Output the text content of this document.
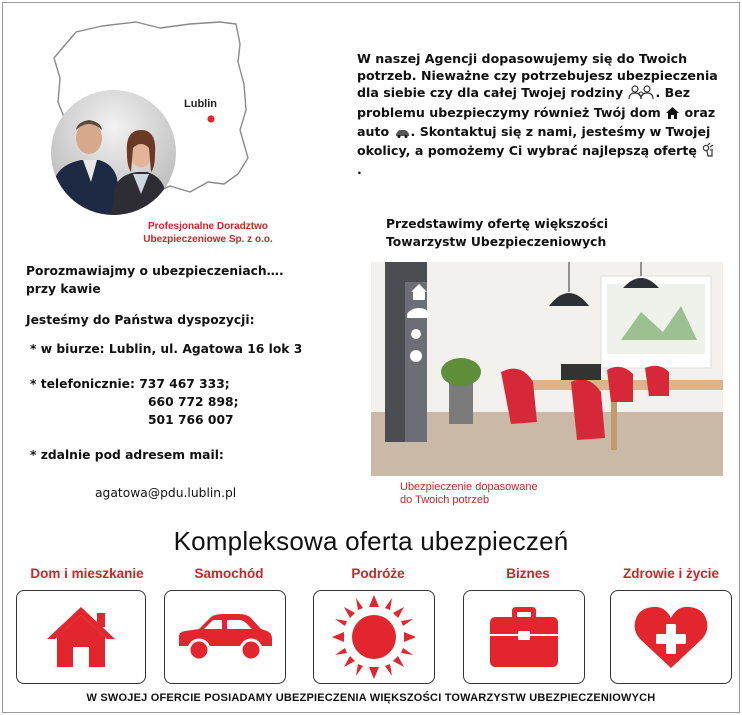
Lublin
Profesjonalne Doradztwo
Ubezpieczeniowe Sp. z o.o.
W naszej Agencji dopasowujemy się do Twoich potrzeb. Nieważne czy potrzebujesz ubezpieczenia dla siebie czy dla całej Twojej rodziny	. Bez problemu ubezpieczymy również Twój dom oraz auto . Skontaktuj się z nami, jesteśmy w Twojej okolicy, a pomożemy Ci wybrać najlepszą ofertę .
Przedstawimy ofertę większości
Towarzystw Ubezpieczeniowych
Porozmawiajmy o ubezpieczeniach….
przy kawie
Jesteśmy do Państwa dyspozycji:
* w biurze: Lublin, ul. Agatowa 16 lok 3
* telefonicznie: 737 467 333;
660 772 898;
501 766 007
* zdalnie pod adresem mail:
agatowa@pdu.lublin.pl	Ubezpieczenie dopasowane
do Twoich potrzeb
Kompleksowa oferta ubezpieczeń
Dom i mieszkanie	Samochód	Podróże	Biznes	Zdrowie i życie
W SWOJEJ OFERCIE POSIADAMY UBEZPIECZENIA WIĘKSZOŚCI TOWARZYSTW UBEZPIECZENIOWYCH
